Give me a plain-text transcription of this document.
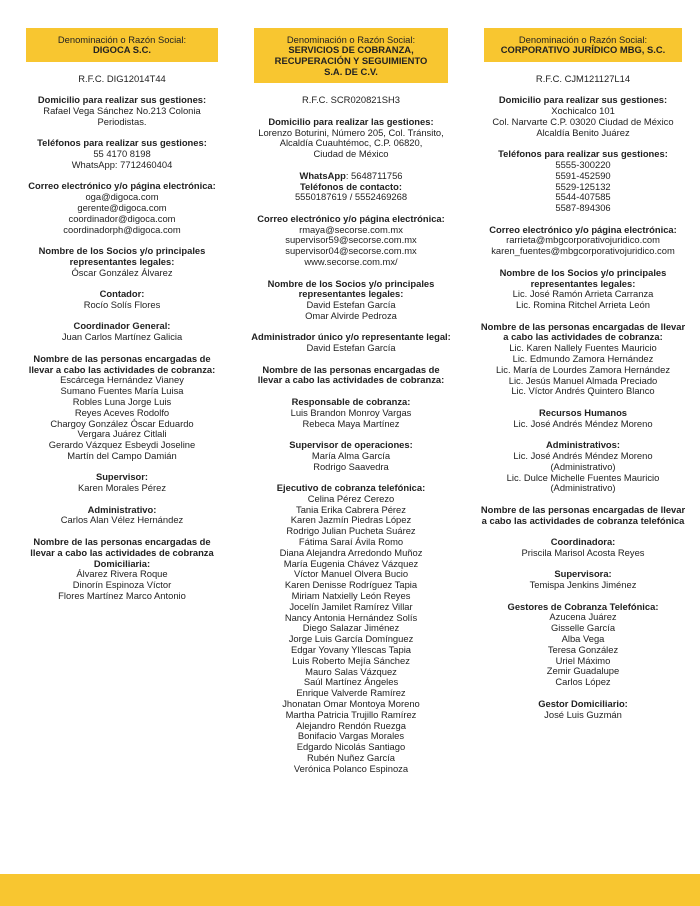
Denominación o Razón Social:
DIGOCA S.C.
R.F.C. DIG12014T44
Domicilio para realizar sus gestiones:
Rafael Vega Sánchez No.213 Colonia
Periodistas.
Teléfonos para realizar sus gestiones:
55 4170 8198
WhatsApp: 7712460404
Correo electrónico y/o página electrónica:
oga@digoca.com
gerente@digoca.com
coordinador@digoca.com
coordinadorph@digoca.com
Nombre de los Socios y/o principales
representantes legales:
Óscar González Álvarez
Contador:
Rocío Solís Flores
Coordinador General:
Juan Carlos Martínez Galicia
Nombre de las personas encargadas de
llevar a cabo las actividades de cobranza:
Escárcega Hernández Vianey
Sumano Fuentes María Luisa
Robles Luna Jorge Luis
Reyes Aceves Rodolfo
Chargoy González Óscar Eduardo
Vergara Juárez Citlali
Gerardo Vázquez Esbeydi Joseline
Martín del Campo Damián
Supervisor:
Karen Morales Pérez
Administrativo:
Carlos Alan Vélez Hernández
Nombre de las personas encargadas de
llevar a cabo las actividades de cobranza
Domiciliaria:
Álvarez Rivera Roque
Dinorín Espinoza Víctor
Flores Martínez Marco Antonio
Denominación o Razón Social:
SERVICIOS DE COBRANZA,
RECUPERACIÓN Y SEGUIMIENTO
S.A. DE C.V.
R.F.C. SCR020821SH3
Domicilio para realizar las gestiones:
Lorenzo Boturini, Número 205, Col. Tránsito,
Alcaldía Cuauhtémoc, C.P. 06820,
Ciudad de México
WhatsApp: 5648711756
Teléfonos de contacto:
5550187619 / 5552469268
Correo electrónico y/o página electrónica:
rmaya@secorse.com.mx
supervisor59@secorse.com.mx
supervisor04@secorse.com.mx
www.secorse.com.mx/
Nombre de los Socios y/o principales
representantes legales:
David Estefan García
Omar Alvirde Pedroza
Administrador único y/o representante legal:
David Estefan García
Nombre de las personas encargadas de
llevar a cabo las actividades de cobranza:
Responsable de cobranza:
Luis Brandon Monroy Vargas
Rebeca Maya Martínez
Supervisor de operaciones:
María Alma García
Rodrigo Saavedra
Ejecutivo de cobranza telefónica:
Celina Pérez Cerezo
Tania Erika Cabrera Pérez
Karen Jazmín Piedras López
Rodrigo Julian Pucheta Suárez
Fátima Saraí Ávila Romo
Diana Alejandra Arredondo Muñoz
María Eugenia Chávez Vázquez
Víctor Manuel Olvera Bucio
Karen Denisse Rodríguez Tapia
Miriam Natxielly León Reyes
Jocelín Jamilet Ramírez Villar
Nancy Antonia Hernández Solís
Diego Salazar Jiménez
Jorge Luis García Domínguez
Edgar Yovany Yllescas Tapia
Luis Roberto Mejía Sánchez
Mauro Salas Vázquez
Saúl Martínez Ángeles
Enrique Valverde Ramírez
Jhonatan Omar Montoya Moreno
Martha Patricia Trujillo Ramírez
Alejandro Rendón Ruezga
Bonifacio Vargas Morales
Edgardo Nicolás Santiago
Rubén Nuñez García
Verónica Polanco Espinoza
Denominación o Razón Social:
CORPORATIVO JURÍDICO MBG, S.C.
R.F.C. CJM121127L14
Domicilio para realizar sus gestiones:
Xochicalco 101
Col. Narvarte C.P. 03020 Ciudad de México
Alcaldía Benito Juárez
Teléfonos para realizar sus gestiones:
5555-300220
5591-452590
5529-125132
5544-407585
5587-894306
Correo electrónico y/o página electrónica:
rarrieta@mbgcorporativojuridico.com
karen_fuentes@mbgcorporativojuridico.com
Nombre de los Socios y/o principales
representantes legales:
Lic. José Ramón Arrieta Carranza
Lic. Romina Ritchel Arrieta León
Nombre de las personas encargadas de llevar
a cabo las actividades de cobranza:
Lic. Karen Nallely Fuentes Mauricio
Lic. Edmundo Zamora Hernández
Lic. María de Lourdes Zamora Hernández
Lic. Jesús Manuel Almada Preciado
Lic. Víctor Andrés Quintero Blanco
Recursos Humanos
Lic. José Andrés Méndez Moreno
Administrativos:
Lic. José Andrés Méndez Moreno
(Administrativo)
Lic. Dulce Michelle Fuentes Mauricio
(Administrativo)
Nombre de las personas encargadas de llevar
a cabo las actividades de cobranza telefónica
Coordinadora:
Priscila Marisol Acosta Reyes
Supervisora:
Temispa Jenkins Jiménez
Gestores de Cobranza Telefónica:
Azucena Juárez
Gisselle García
Alba Vega
Teresa González
Uriel Máximo
Zemir Guadalupe
Carlos López
Gestor Domiciliario:
José Luis Guzmán
